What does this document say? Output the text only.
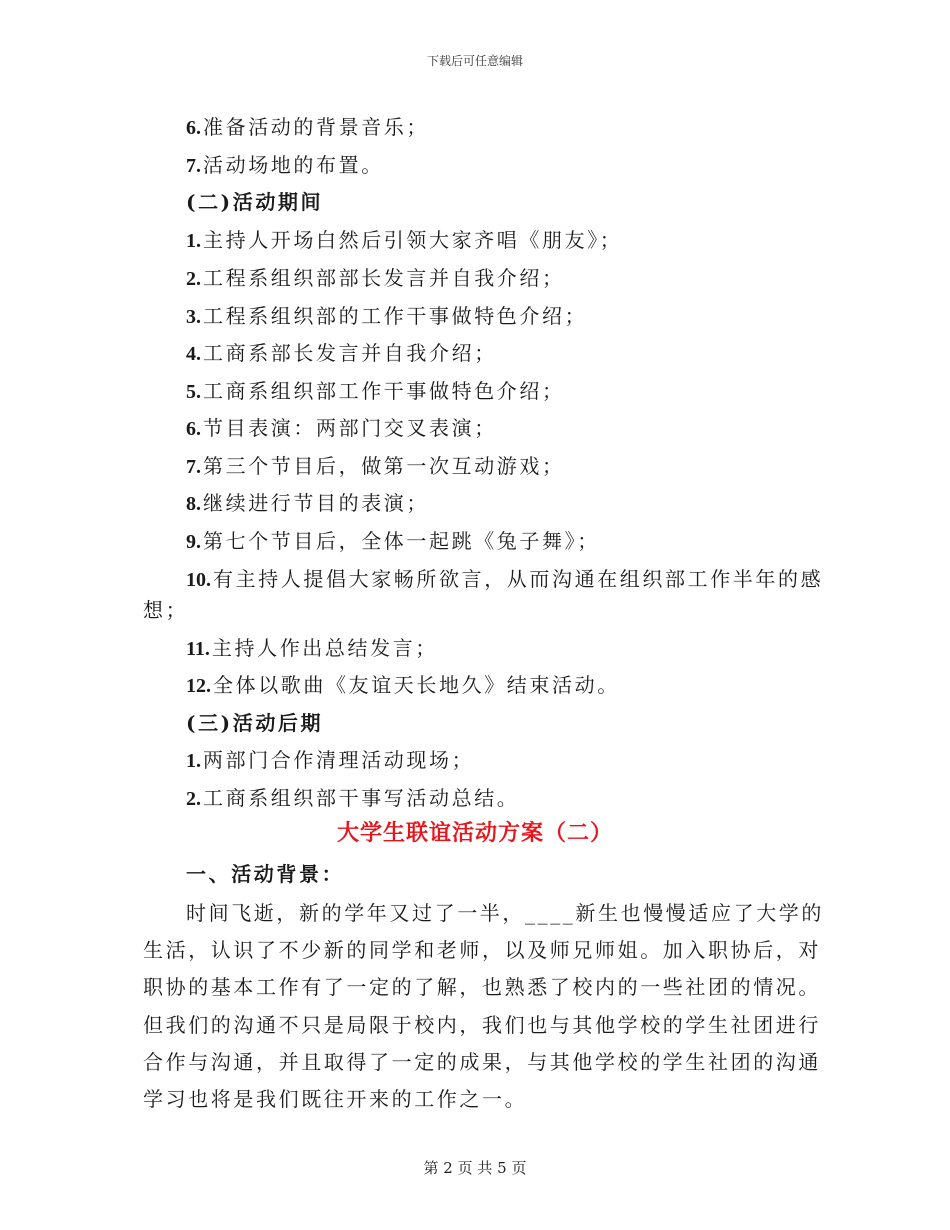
下载后可任意编辑
6. 准备活动的背景音乐；
7. 活动场地的布置。
(二)活动期间
1. 主持人开场白然后引领大家齐唱《朋友》；
2. 工程系组织部部长发言并自我介绍；
3. 工程系组织部的工作干事做特色介绍；
4. 工商系部长发言并自我介绍；
5. 工商系组织部工作干事做特色介绍；
6. 节目表演：两部门交叉表演；
7. 第三个节目后，做第一次互动游戏；
8. 继续进行节目的表演；
9. 第七个节目后，全体一起跳《兔子舞》；
10. 有主持人提倡大家畅所欲言，从而沟通在组织部工作半年的感
想；
11. 主持人作出总结发言；
12. 全体以歌曲《友谊天长地久》结束活动。
(三)活动后期
1. 两部门合作清理活动现场；
2. 工商系组织部干事写活动总结。
大学生联谊活动方案（二）
一、活动背景：
时间飞逝，新的学年又过了一半，____新生也慢慢适应了大学的
生活，认识了不少新的同学和老师，以及师兄师姐。加入职协后，对
职协的基本工作有了一定的了解，也熟悉了校内的一些社团的情况。
但我们的沟通不只是局限于校内，我们也与其他学校的学生社团进行
合作与沟通，并且取得了一定的成果，与其他学校的学生社团的沟通
学习也将是我们既往开来的工作之一。
第 2 页 共 5 页
